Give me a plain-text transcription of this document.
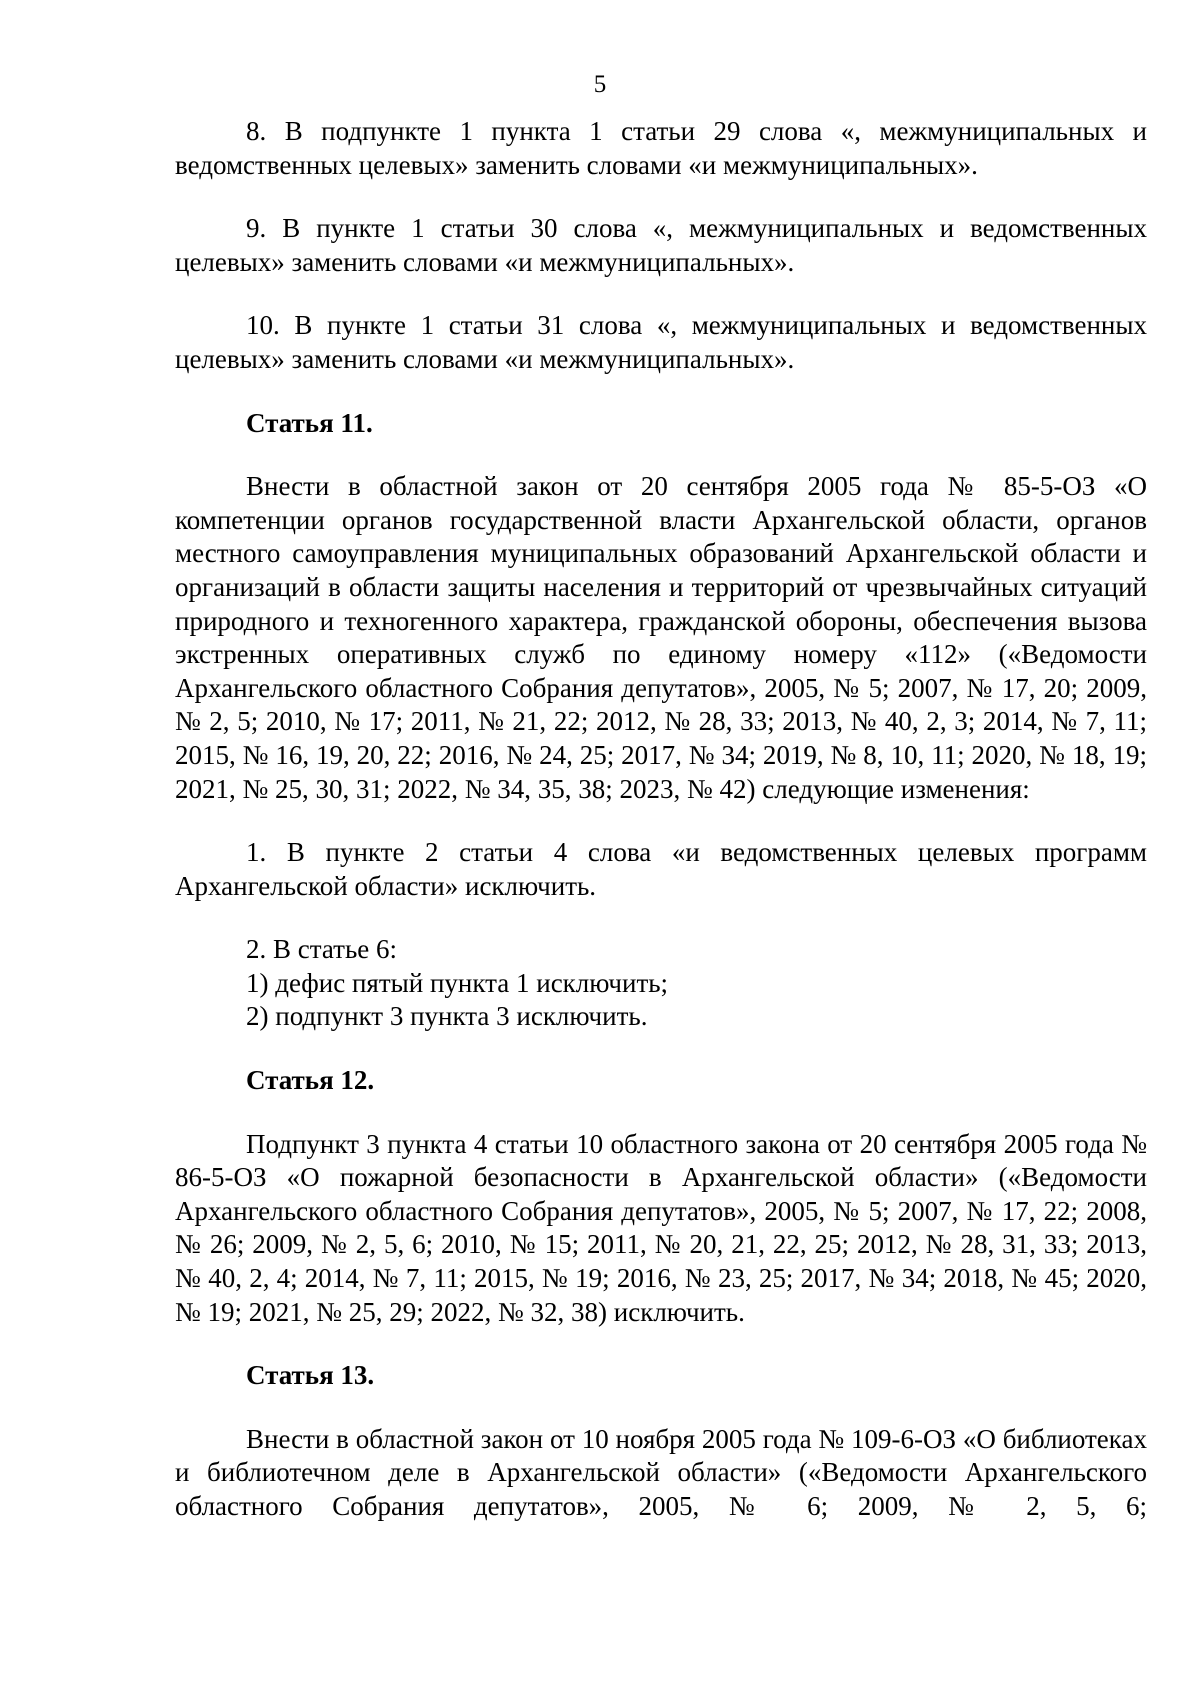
5

8. В подпункте 1 пункта 1 статьи 29 слова «, межмуниципальных и ведомственных целевых» заменить словами «и межмуниципальных».

9. В пункте 1 статьи 30 слова «, межмуниципальных и ведомственных целевых» заменить словами «и межмуниципальных».

10. В пункте 1 статьи 31 слова «, межмуниципальных и ведомственных целевых» заменить словами «и межмуниципальных».

Статья 11.

Внести в областной закон от 20 сентября 2005 года № 85-5-ОЗ «О компетенции органов государственной власти Архангельской области, органов местного самоуправления муниципальных образований Архангельской области и организаций в области защиты населения и территорий от чрезвычайных ситуаций природного и техногенного характера, гражданской обороны, обеспечения вызова экстренных оперативных служб по единому номеру «112» («Ведомости Архангельского областного Собрания депутатов», 2005, № 5; 2007, № 17, 20; 2009, № 2, 5; 2010, № 17; 2011, № 21, 22; 2012, № 28, 33; 2013, № 40, 2, 3; 2014, № 7, 11; 2015, № 16, 19, 20, 22; 2016, № 24, 25; 2017, № 34; 2019, № 8, 10, 11; 2020, № 18, 19; 2021, № 25, 30, 31; 2022, № 34, 35, 38; 2023, № 42) следующие изменения:

1. В пункте 2 статьи 4 слова «и ведомственных целевых программ Архангельской области» исключить.

2. В статье 6:

1) дефис пятый пункта 1 исключить;

2) подпункт 3 пункта 3 исключить.

Статья 12.

Подпункт 3 пункта 4 статьи 10 областного закона от 20 сентября 2005 года № 86-5-ОЗ «О пожарной безопасности в Архангельской области» («Ведомости Архангельского областного Собрания депутатов», 2005, № 5; 2007, № 17, 22; 2008, № 26; 2009, № 2, 5, 6; 2010, № 15; 2011, № 20, 21, 22, 25; 2012, № 28, 31, 33; 2013, № 40, 2, 4; 2014, № 7, 11; 2015, № 19; 2016, № 23, 25; 2017, № 34; 2018, № 45; 2020, № 19; 2021, № 25, 29; 2022, № 32, 38) исключить.

Статья 13.

Внести в областной закон от 10 ноября 2005 года № 109-6-ОЗ «О библиотеках и библиотечном деле в Архангельской области» («Ведомости Архангельского областного Собрания депутатов», 2005, № 6; 2009, № 2, 5, 6;
